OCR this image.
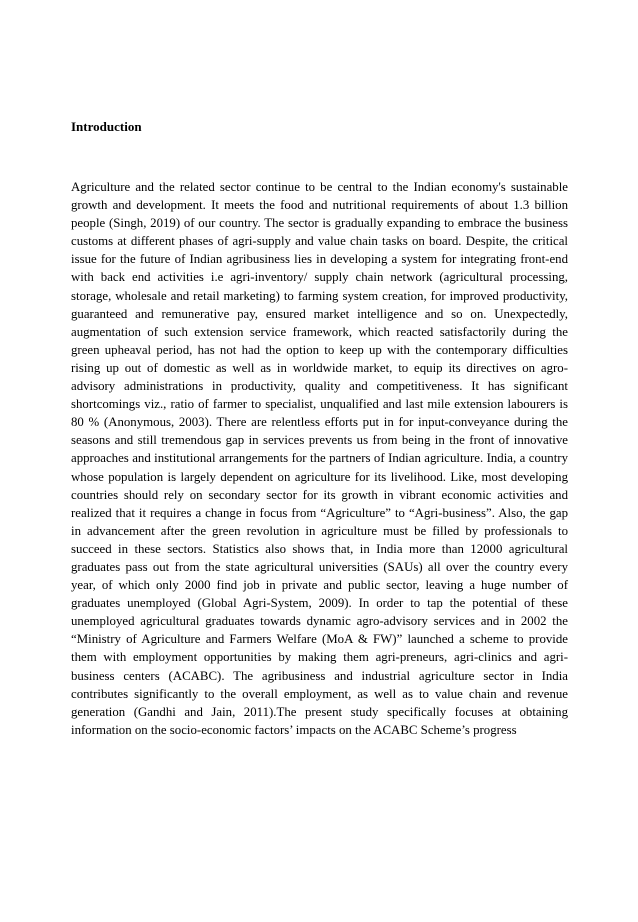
Introduction

Agriculture and the related sector continue to be central to the Indian economy's sustainable growth and development. It meets the food and nutritional requirements of about 1.3 billion people (Singh, 2019) of our country. The sector is gradually expanding to embrace the business customs at different phases of agri-supply and value chain tasks on board. Despite, the critical issue for the future of Indian agribusiness lies in developing a system for integrating front-end with back end activities i.e agri-inventory/ supply chain network (agricultural processing, storage, wholesale and retail marketing) to farming system creation, for improved productivity, guaranteed and remunerative pay, ensured market intelligence and so on. Unexpectedly, augmentation of such extension service framework, which reacted satisfactorily during the green upheaval period, has not had the option to keep up with the contemporary difficulties rising up out of domestic as well as in worldwide market, to equip its directives on agro-advisory administrations in productivity, quality and competitiveness. It has significant shortcomings viz., ratio of farmer to specialist, unqualified and last mile extension labourers is 80 % (Anonymous, 2003). There are relentless efforts put in for input-conveyance during the seasons and still tremendous gap in services prevents us from being in the front of innovative approaches and institutional arrangements for the partners of Indian agriculture. India, a country whose population is largely dependent on agriculture for its livelihood. Like, most developing countries should rely on secondary sector for its growth in vibrant economic activities and realized that it requires a change in focus from “Agriculture” to “Agri-business”. Also, the gap in advancement after the green revolution in agriculture must be filled by professionals to succeed in these sectors. Statistics also shows that, in India more than 12000 agricultural graduates pass out from the state agricultural universities (SAUs) all over the country every year, of which only 2000 find job in private and public sector, leaving a huge number of graduates unemployed (Global Agri-System, 2009). In order to tap the potential of these unemployed agricultural graduates towards dynamic agro-advisory services and in 2002 the “Ministry of Agriculture and Farmers Welfare (MoA & FW)” launched a scheme to provide them with employment opportunities by making them agri-preneurs, agri-clinics and agri-business centers (ACABC). The agribusiness and industrial agriculture sector in India contributes significantly to the overall employment, as well as to value chain and revenue generation (Gandhi and Jain, 2011).The present study specifically focuses at obtaining information on the socio-economic factors’ impacts on the ACABC Scheme’s progress
